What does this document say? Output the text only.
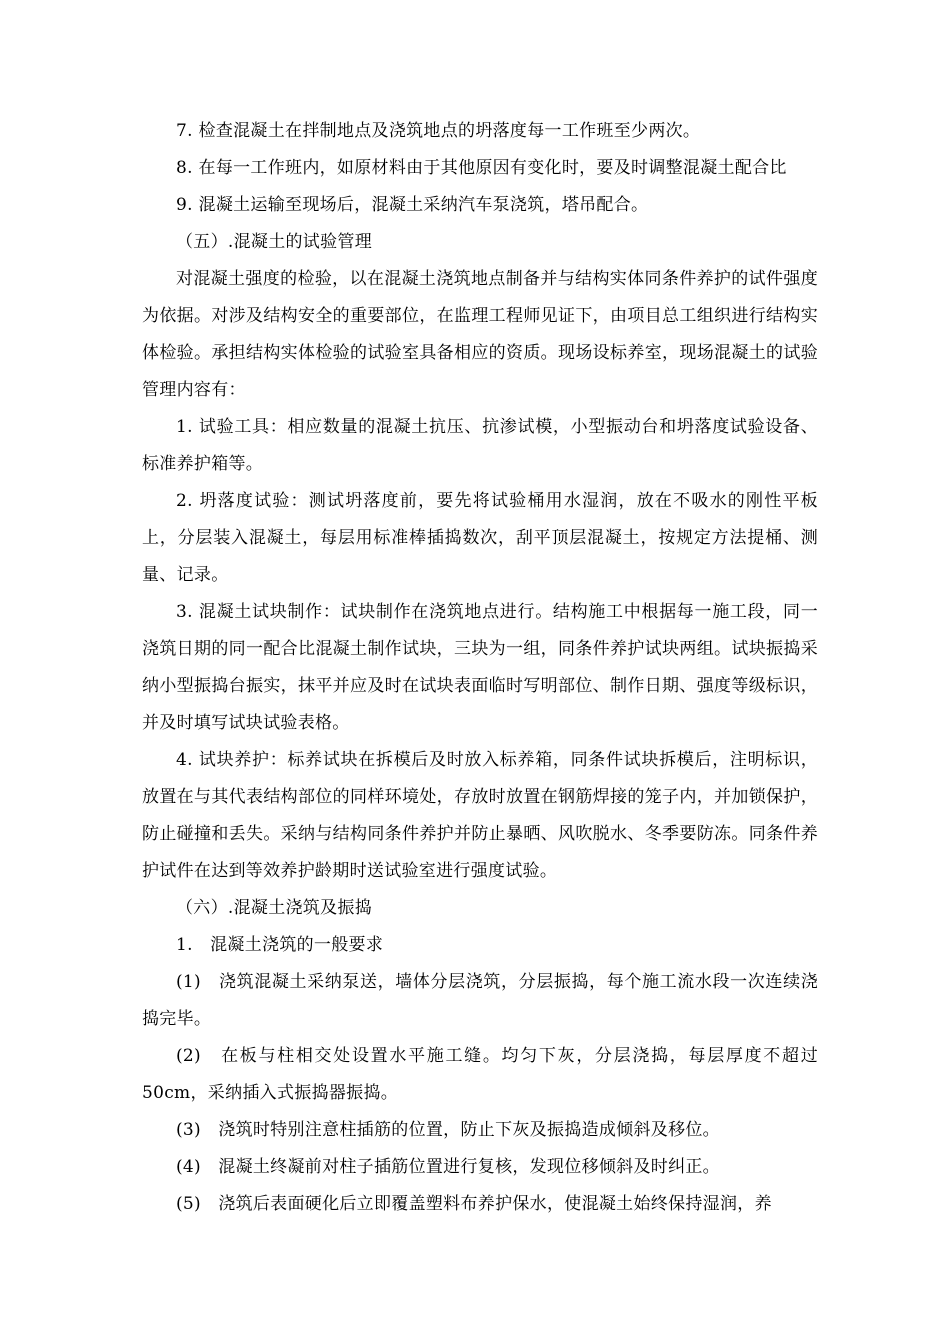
7. 检查混凝土在拌制地点及浇筑地点的坍落度每一工作班至少两次。

8. 在每一工作班内，如原材料由于其他原因有变化时，要及时调整混凝土配合比

9. 混凝土运输至现场后，混凝土采纳汽车泵浇筑，塔吊配合。

（五）.混凝土的试验管理

对混凝土强度的检验，以在混凝土浇筑地点制备并与结构实体同条件养护的试件强度为依据。对涉及结构安全的重要部位，在监理工程师见证下，由项目总工组织进行结构实体检验。承担结构实体检验的试验室具备相应的资质。现场设标养室，现场混凝土的试验管理内容有：

1. 试验工具：相应数量的混凝土抗压、抗渗试模，小型振动台和坍落度试验设备、标准养护箱等。

2. 坍落度试验：测试坍落度前，要先将试验桶用水湿润，放在不吸水的刚性平板上，分层装入混凝土，每层用标准棒插捣数次，刮平顶层混凝土，按规定方法提桶、测量、记录。

3. 混凝土试块制作：试块制作在浇筑地点进行。结构施工中根据每一施工段，同一浇筑日期的同一配合比混凝土制作试块，三块为一组，同条件养护试块两组。试块振捣采纳小型振捣台振实，抹平并应及时在试块表面临时写明部位、制作日期、强度等级标识，并及时填写试块试验表格。

4. 试块养护：标养试块在拆模后及时放入标养箱，同条件试块拆模后，注明标识，放置在与其代表结构部位的同样环境处，存放时放置在钢筋焊接的笼子内，并加锁保护，防止碰撞和丢失。采纳与结构同条件养护并防止暴晒、风吹脱水、冬季要防冻。同条件养护试件在达到等效养护龄期时送试验室进行强度试验。

（六）.混凝土浇筑及振捣

1.　混凝土浇筑的一般要求

(1)　浇筑混凝土采纳泵送，墙体分层浇筑，分层振捣，每个施工流水段一次连续浇捣完毕。

(2)　在板与柱相交处设置水平施工缝。均匀下灰，分层浇捣，每层厚度不超过50cm，采纳插入式振捣器振捣。

(3)　浇筑时特别注意柱插筋的位置，防止下灰及振捣造成倾斜及移位。

(4)　混凝土终凝前对柱子插筋位置进行复核，发现位移倾斜及时纠正。

(5)　浇筑后表面硬化后立即覆盖塑料布养护保水，使混凝土始终保持湿润，养
